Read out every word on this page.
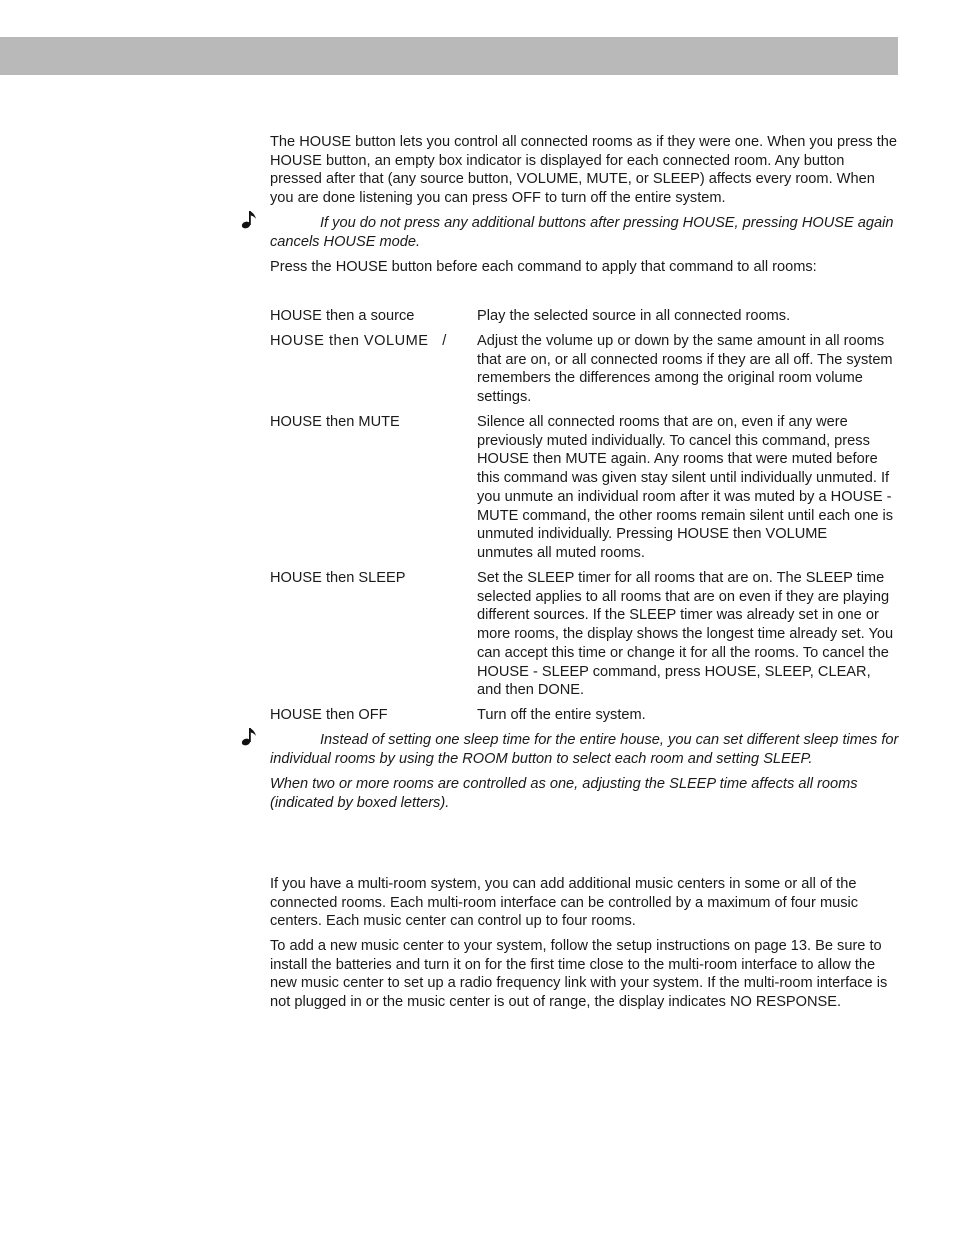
The HOUSE button lets you control all connected rooms as if they were one. When you press the HOUSE button, an empty box indicator is displayed for each connected room. Any button pressed after that (any source button, VOLUME, MUTE, or SLEEP) affects every room. When you are done listening you can press OFF to turn off the entire system.

If you do not press any additional buttons after pressing HOUSE, pressing HOUSE again cancels HOUSE mode.

Press the HOUSE button before each command to apply that command to all rooms:

HOUSE then a source	Play the selected source in all connected rooms.

HOUSE then VOLUME   /	Adjust the volume up or down by the same amount in all rooms that are on, or all connected rooms if they are all off. The system remembers the differences among the original room volume settings.

HOUSE then MUTE	Silence all connected rooms that are on, even if any were previously muted individually. To cancel this command, press HOUSE then MUTE again. Any rooms that were muted before this command was given stay silent until individually unmuted. If you unmute an individual room after it was muted by a HOUSE - MUTE command, the other rooms remain silent until each one is unmuted individually. Pressing HOUSE then VOLUME    unmutes all muted rooms.

HOUSE then SLEEP	Set the SLEEP timer for all rooms that are on. The SLEEP time selected applies to all rooms that are on even if they are playing different sources. If the SLEEP timer was already set in one or more rooms, the display shows the longest time already set. You can accept this time or change it for all the rooms. To cancel the HOUSE - SLEEP command, press HOUSE, SLEEP, CLEAR, and then DONE.

HOUSE then OFF	Turn off the entire system.

Instead of setting one sleep time for the entire house, you can set different sleep times for individual rooms by using the ROOM button to select each room and setting SLEEP.

When two or more rooms are controlled as one, adjusting the SLEEP time affects all rooms (indicated by boxed letters).

If you have a multi-room system, you can add additional music centers in some or all of the connected rooms. Each multi-room interface can be controlled by a maximum of four music centers. Each music center can control up to four rooms.

To add a new music center to your system, follow the setup instructions on page 13. Be sure to install the batteries and turn it on for the first time close to the multi-room interface to allow the new music center to set up a radio frequency link with your system. If the multi-room interface is not plugged in or the music center is out of range, the display indicates NO RESPONSE.
